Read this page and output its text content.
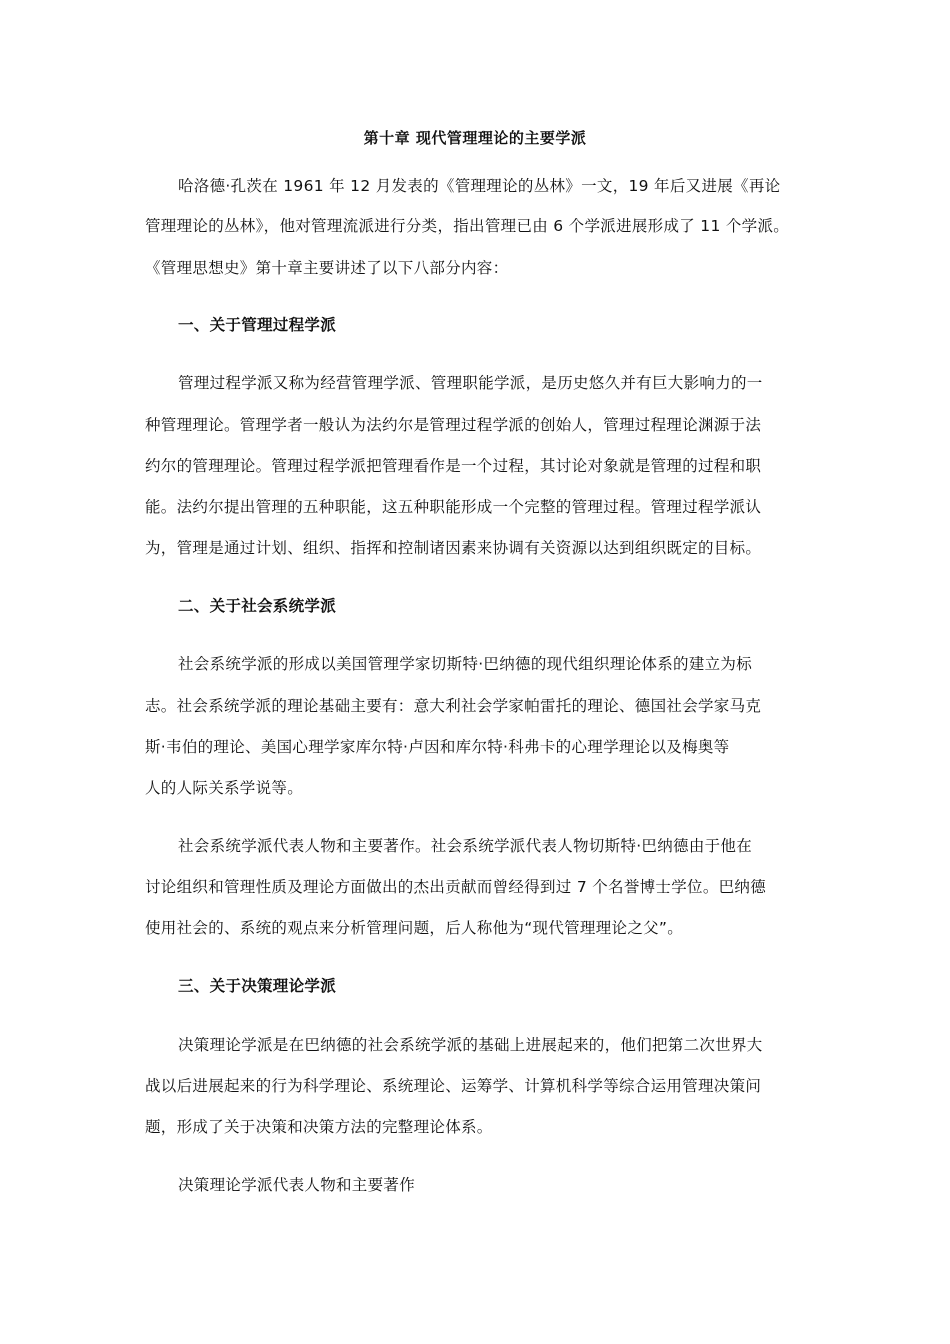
第十章 现代管理理论的主要学派
哈洛德·孔茨在 1961 年 12 月发表的《管理理论的丛林》一文，19 年后又进展《再论
管理理论的丛林》，他对管理流派进行分类，指出管理已由 6 个学派进展形成了 11 个学派。
《管理思想史》第十章主要讲述了以下八部分内容：
一、关于管理过程学派
管理过程学派又称为经营管理学派、管理职能学派，是历史悠久并有巨大影响力的一
种管理理论。管理学者一般认为法约尔是管理过程学派的创始人，管理过程理论渊源于法
约尔的管理理论。管理过程学派把管理看作是一个过程，其讨论对象就是管理的过程和职
能。法约尔提出管理的五种职能，这五种职能形成一个完整的管理过程。管理过程学派认
为，管理是通过计划、组织、指挥和控制诸因素来协调有关资源以达到组织既定的目标。
二、关于社会系统学派
社会系统学派的形成以美国管理学家切斯特·巴纳德的现代组织理论体系的建立为标
志。社会系统学派的理论基础主要有：意大利社会学家帕雷托的理论、德国社会学家马克
斯·韦伯的理论、美国心理学家库尔特·卢因和库尔特·科弗卡的心理学理论以及梅奥等
人的人际关系学说等。
社会系统学派代表人物和主要著作。社会系统学派代表人物切斯特·巴纳德由于他在
讨论组织和管理性质及理论方面做出的杰出贡献而曾经得到过 7 个名誉博士学位。巴纳德
使用社会的、系统的观点来分析管理问题，后人称他为“现代管理理论之父”。
三、关于决策理论学派
决策理论学派是在巴纳德的社会系统学派的基础上进展起来的，他们把第二次世界大
战以后进展起来的行为科学理论、系统理论、运筹学、计算机科学等综合运用管理决策问
题，形成了关于决策和决策方法的完整理论体系。
决策理论学派代表人物和主要著作
